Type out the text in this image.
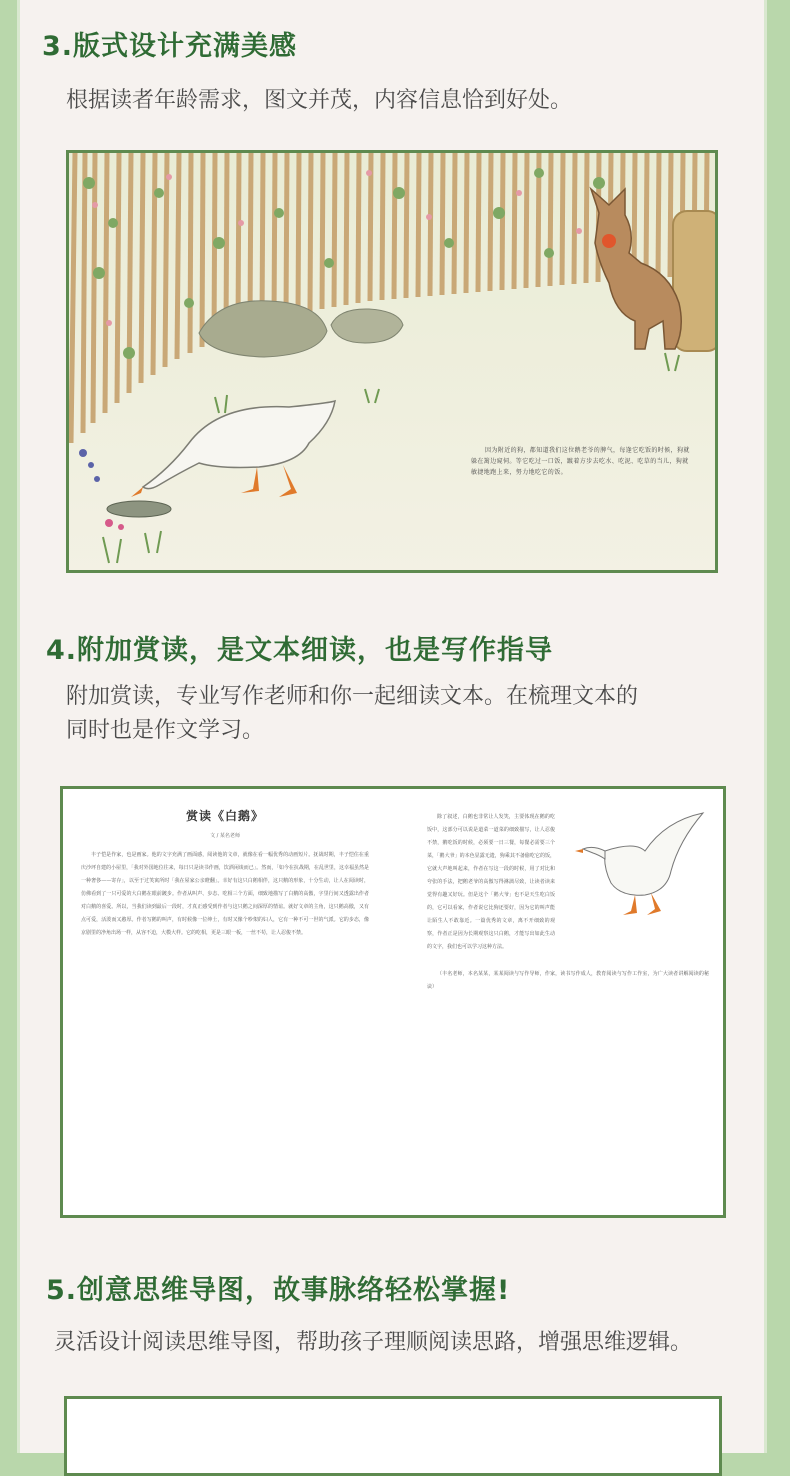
3.版式设计充满美感
根据读者年龄需求，图文并茂，内容信息恰到好处。
因为附近的狗，都知道我们这位鹅老爷的脾气，每逢它吃饭的时候，狗就躲在篱边窥伺。等它吃过一口饭，踱着方步去吃水、吃泥、吃草的当儿，狗就敏捷地跑上来，努力地吃它的饭。
4.附加赏读，是文本细读，也是写作指导
附加赏读，专业写作老师和你一起细读文本。在梳理文本的
同时也是作文学习。
赏读《白鹅》
文 / 某名老师
丰子恺是作家，也是画家。他的文字充满了画面感，阅读他的文章，就像在看一幅优秀的动画短片。抚战时期，丰子恺住在重庆沙坪自建的小屋里，「我对外国地位往来，每日只是读书作画，饮酒闲谈而已」。然而，「如今在抗战期，在乱世里，这幸福虽然是一种奢侈——寄存」，以至于过笑寓所时「我在屋家公亲瞪翻」。幸好有这只白鹅相伴，这只鹅的形象，十分生动，让人在阅读时，仿佛看到了一只可爱的大白鹅在眼前踱步。作者从叫声、步态、吃相三个方面，细致地描写了白鹅的高傲，字里行间又透露出作者对白鹅的喜爱。所以，当我们读到最后一段时，才真正感受到作者与这只鹅之间深厚的情谊。就好文章的主角，这只鹅高傲，又有点可爱，活泼而又憨厚。作者写鹅的叫声，有时候像一位绅士，有时又像个吵架的妇人，它有一种不可一世的气派。它的步态，像京剧里的净角出场一样，从容不迫，大模大样。它的吃相，更是三眼一板，一丝不苟，让人忍俊不禁。
除了叙述，白鹅也非常让人发笑，主要体现在鹅的吃饭中，这部分可以说是道菜一道菜的细致描写，让人忍俊不禁，鹅吃饭的时候，必须要一日三餐，每餐必需要三个菜，「鹅大爷」的本色显露无遗，狗乘其不备偷吃它的饭，它就大声地叫起来，作者在写这一段的时候，用了对比和夸张的手法，把鹅老爷的高傲写得淋漓尽致，让读者读来觉得有趣又好玩。但是这个「鹅大爷」也不是天生吃白饭的，它可以看家，作者说它比狗还要好，因为它的叫声能让陌生人不敢靠近。一篇优秀的文章，离不开细致的观察，作者正是因为长期观察这只白鹅，才能写出如此生动的文字，我们也可以学习这种方法。
（丰名老师，本名某某，某某阅读与写作导师，作家，读书写作成人，教育阅读与写作工作室，为广大读者讲解阅读的秘诀）
5.创意思维导图，故事脉络轻松掌握!
灵活设计阅读思维导图，帮助孩子理顺阅读思路，增强思维逻辑。
